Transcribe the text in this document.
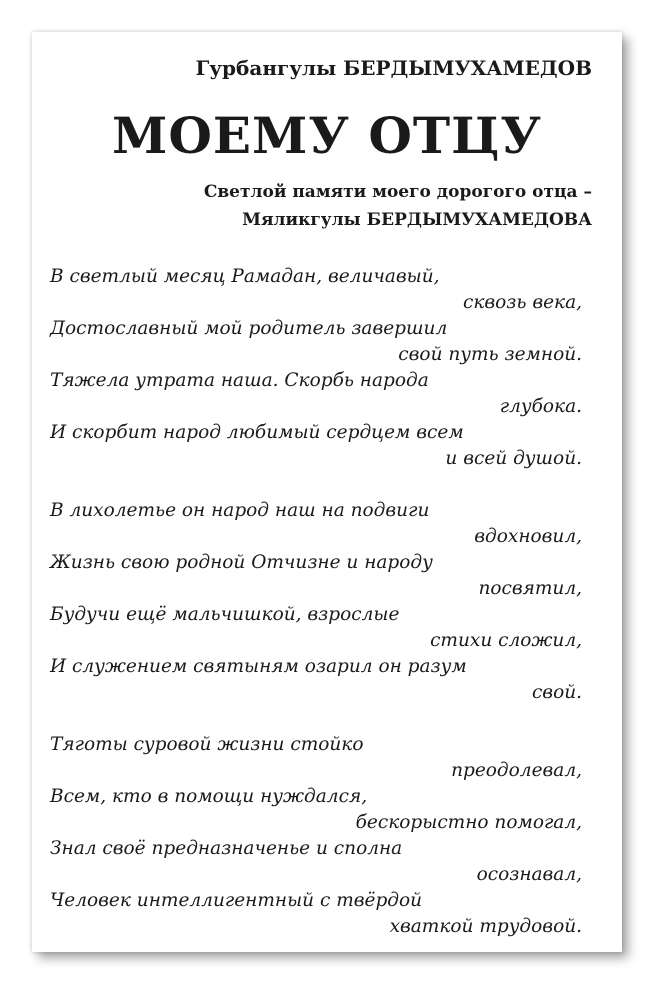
Гурбангулы БЕРДЫМУХАМЕДОВ
МОЕМУ ОТЦУ
Светлой памяти моего дорогого отца –
Мяликгулы БЕРДЫМУХАМЕДОВА
В светлый месяц Рамадан, величавый,
сквозь века,
Достославный мой родитель завершил
свой путь земной.
Тяжела утрата наша. Скорбь народа
глубока.
И скорбит народ любимый сердцем всем
и всей душой.
В лихолетье он народ наш на подвиги
вдохновил,
Жизнь свою родной Отчизне и народу
посвятил,
Будучи ещё мальчишкой, взрослые
стихи сложил,
И служением святыням озарил он разум
свой.
Тяготы суровой жизни стойко
преодолевал,
Всем, кто в помощи нуждался,
бескорыстно помогал,
Знал своё предназначенье и сполна
осознавал,
Человек интеллигентный с твёрдой
хваткой трудовой.
